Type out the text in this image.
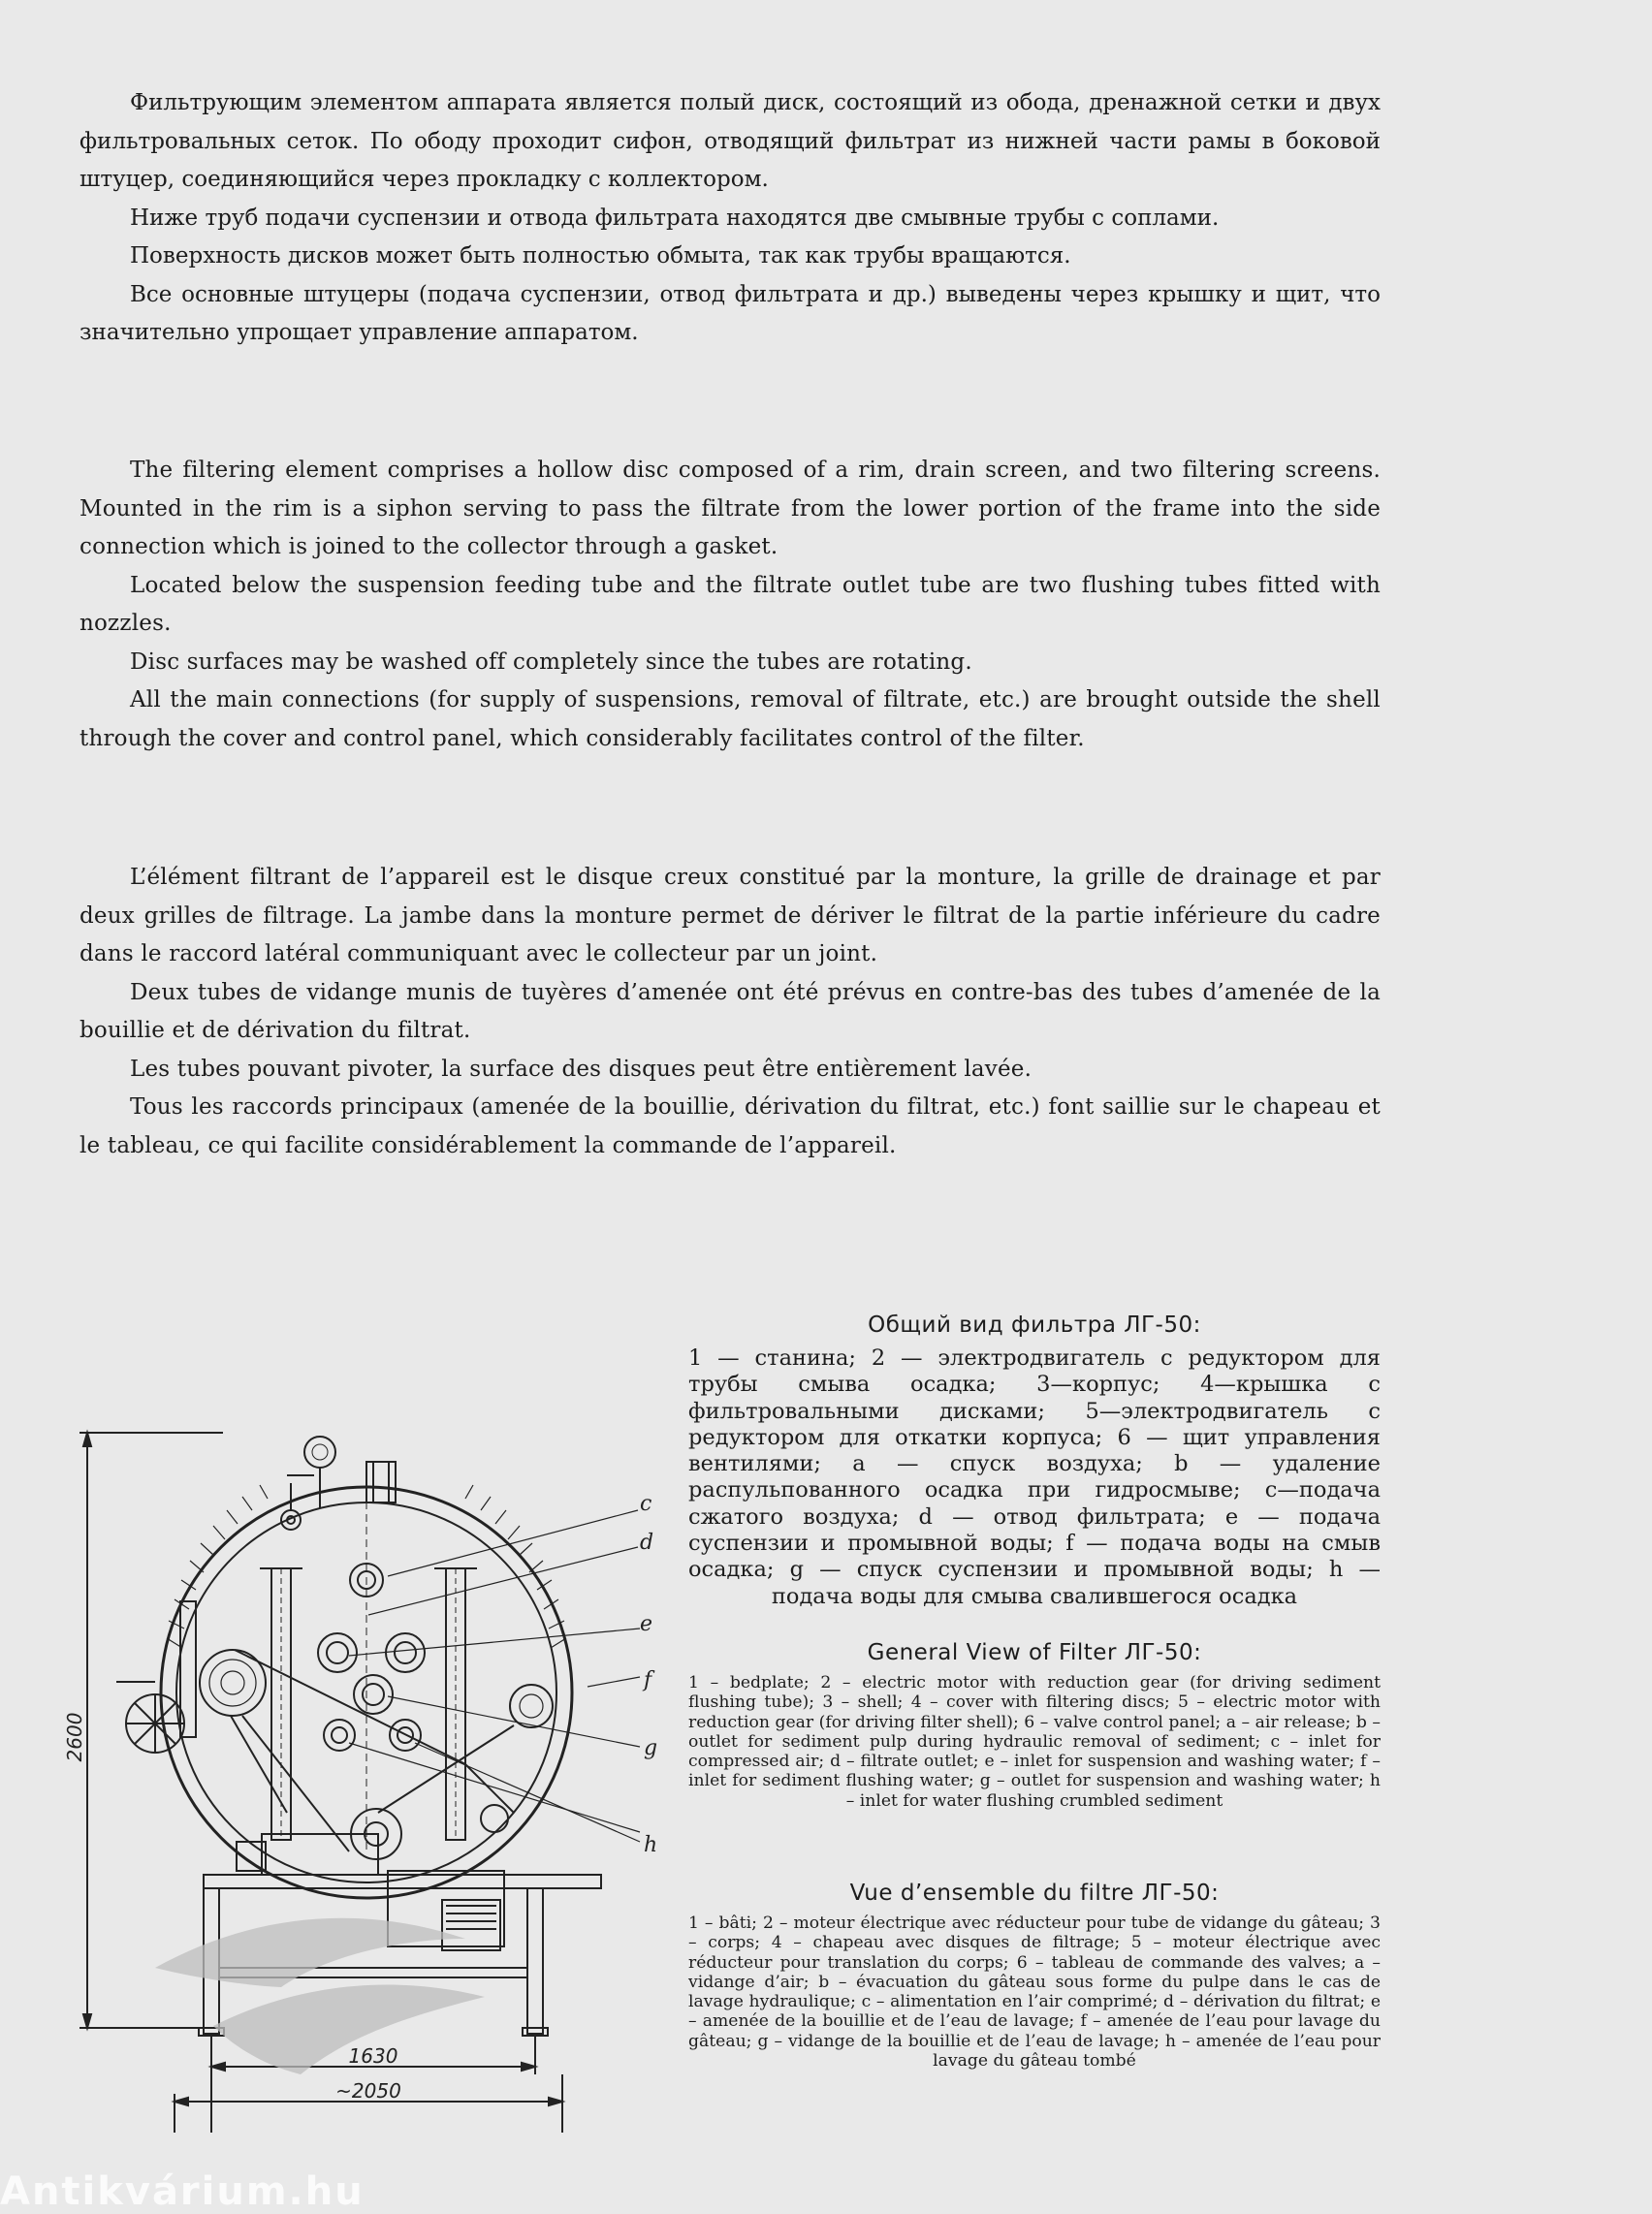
Фильтрующим элементом аппарата является полый диск, состоящий из обода, дренажной сетки и двух фильтровальных сеток. По ободу проходит сифон, отводящий фильтрат из нижней части рамы в боковой штуцер, соединяющийся через прокладку с коллектором.

Ниже труб подачи суспензии и отвода фильтрата находятся две смывные трубы с соплами.

Поверхность дисков может быть полностью обмыта, так как трубы вращаются.

Все основные штуцеры (подача суспензии, отвод фильтрата и др.) выведены через крышку и щит, что значительно упрощает управление аппаратом.

The filtering element comprises a hollow disc composed of a rim, drain screen, and two filtering screens. Mounted in the rim is a siphon serving to pass the filtrate from the lower portion of the frame into the side connection which is joined to the collector through a gasket.

Located below the suspension feeding tube and the filtrate outlet tube are two flushing tubes fitted with nozzles.

Disc surfaces may be washed off completely since the tubes are rotating.

All the main connections (for supply of suspensions, removal of filtrate, etc.) are brought outside the shell through the cover and control panel, which considerably facilitates control of the filter.

L’élément filtrant de l’appareil est le disque creux constitué par la monture, la grille de drainage et par deux grilles de filtrage. La jambe dans la monture permet de dériver le filtrat de la partie inférieure du cadre dans le raccord latéral communiquant avec le collecteur par un joint.

Deux tubes de vidange munis de tuyères d’amenée ont été prévus en contre-bas des tubes d’amenée de la bouillie et de dérivation du filtrat.

Les tubes pouvant pivoter, la surface des disques peut être entièrement lavée.

Tous les raccords principaux (amenée de la bouillie, dérivation du filtrat, etc.) font saillie sur le chapeau et le tableau, ce qui facilite considérablement la commande de l’appareil.

c
d
e
f
g
h
2600
1630
~2050

Общий вид фильтра ЛГ-50:

1 — станина; 2 — электродвигатель с редуктором для трубы смыва осадка; 3—корпус; 4—крышка с фильтровальными дисками; 5—электродвигатель с редуктором для откатки корпуса; 6 — щит управления вентилями; a — спуск воздуха; b — удаление распульпованного осадка при гидросмыве; c—подача сжатого воздуха; d — отвод фильтрата; e — подача суспензии и промывной воды; f — подача воды на смыв осадка; g — спуск суспензии и промывной воды; h — подача воды для смыва свалившегося осадка

General View of Filter ЛГ-50:

1 – bedplate; 2 – electric motor with reduction gear (for driving sediment flushing tube); 3 – shell; 4 – cover with filtering discs; 5 – electric motor with reduction gear (for driving filter shell); 6 – valve control panel; a – air release; b – outlet for sediment pulp during hydraulic removal of sediment; c – inlet for compressed air; d – filtrate outlet; e – inlet for suspension and washing water; f – inlet for sediment flushing water; g – outlet for suspension and washing water; h – inlet for water flushing crumbled sediment

Vue d’ensemble du filtre ЛГ-50:

1 – bâti; 2 – moteur électrique avec réducteur pour tube de vidange du gâteau; 3 – corps; 4 – chapeau avec disques de filtrage; 5 – moteur électrique avec réducteur pour translation du corps; 6 – tableau de commande des valves; a – vidange d’air; b – évacuation du gâteau sous forme du pulpe dans le cas de lavage hydraulique; c – alimentation en l’air comprimé; d – dérivation du filtrat; e – amenée de la bouillie et de l’eau de lavage; f – amenée de l’eau pour lavage du gâteau; g – vidange de la bouillie et de l’eau de lavage; h – amenée de l’eau pour lavage du gâteau tombé

Antikvárium.hu
